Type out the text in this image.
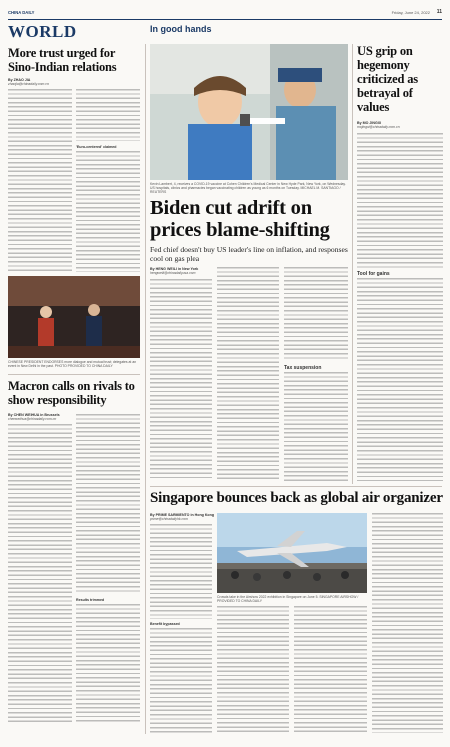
CHINA DAILY	Friday, June 24, 2022 11
WORLD	In good hands
More trust urged for Sino-Indian relations
By ZHAO JIA
zhaojia@chinadaily.com.cn
'Euro-centered' claimed
CHINESE PRESIDENT ENDORSES more dialogue and mutual trust; delegates at an event in New Delhi in the past. PHOTO PROVIDED TO CHINA DAILY
Macron calls on rivals to show responsibility
By CHEN WEIHUA in Brussels
chenweihua@chinadaily.com.cn
Results trimmed
Kevin Lambert, 4, receives a COVID-19 vaccine at Cohen Children's Medical Center in New Hyde Park, New York, on Wednesday. US hospitals, clinics and pharmacies began vaccinating children as young as 6 months on Tuesday. MICHAEL M. SANTIAGO / REUTERS
Biden cut adrift on prices blame-shifting
Fed chief doesn't buy US leader's line on inflation, and responses cool on gas plea
By HENG WEILI in New York
hengweili@chinadailyusa.com
Tax suspension
US grip on hegemony criticized as betrayal of values
By MO JINGXI
mojingxi@chinadaily.com.cn
Tool for gains
Singapore bounces back as global air organizer
By PRIME SARMIENTO in Hong Kong
prime@chinadailyhk.com
Benefit bypassed
Crowds take in the Airshow 2022 exhibition in Singapore on June 5. SINGAPORE AIRSHOW / PROVIDED TO CHINA DAILY
